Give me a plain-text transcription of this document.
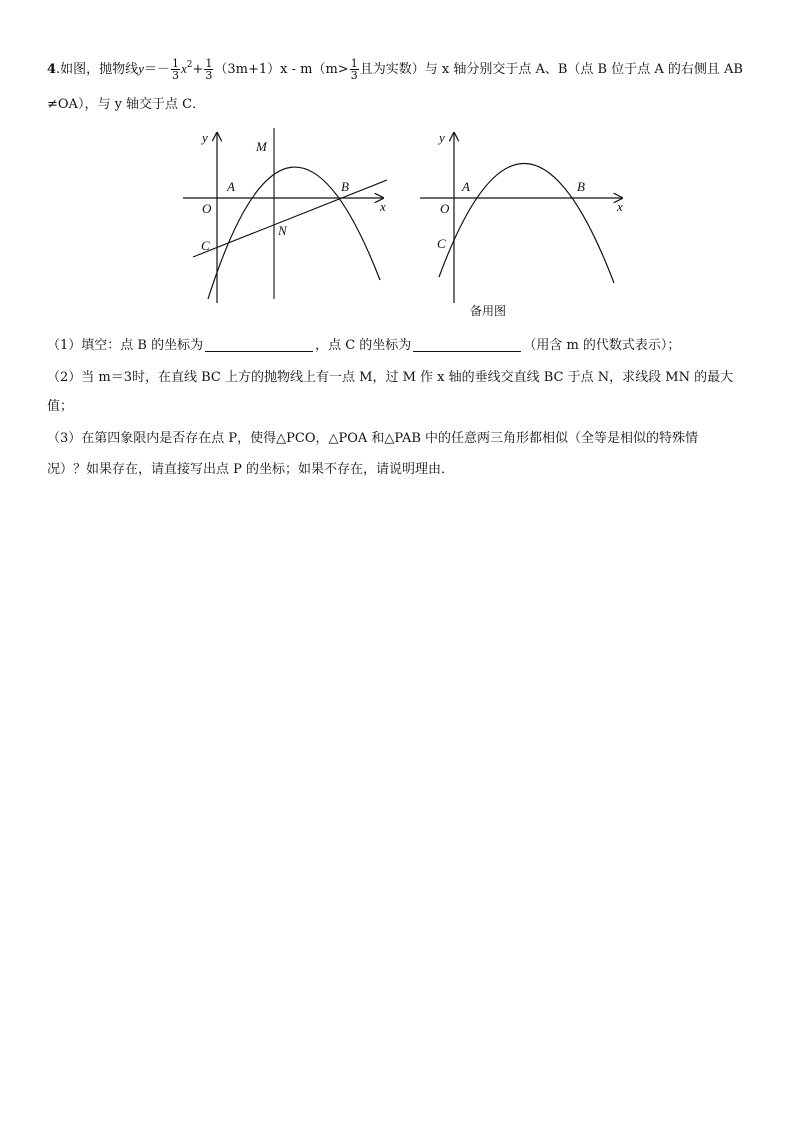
4.如图，抛物线$y=- \frac{1}{3} x^2+ \frac{1}{3} (3m+1)x - m(m> \frac{1}{3}$ 且为实数）与 x 轴分别交于点 A、B（点 B 位于点 A 的右侧且 AB
≠OA），与 y 轴交于点 C．
y
x
O
A	B
C
M
N
y
x
O
A	B
C
备用图
（1）填空：点 B 的坐标为	，点 C 的坐标为	（用含 m 的代数式表示）；
（2）当 m＝3时，在直线 BC 上方的抛物线上有一点 M，过 M 作 x 轴的垂线交直线 BC 于点 N，求线段 MN 的最大
值；
（3）在第四象限内是否存在点 P，使得△PCO，△POA 和△PAB 中的任意两三角形都相似（全等是相似的特殊情
况）？如果存在，请直接写出点 P 的坐标；如果不存在，请说明理由．
